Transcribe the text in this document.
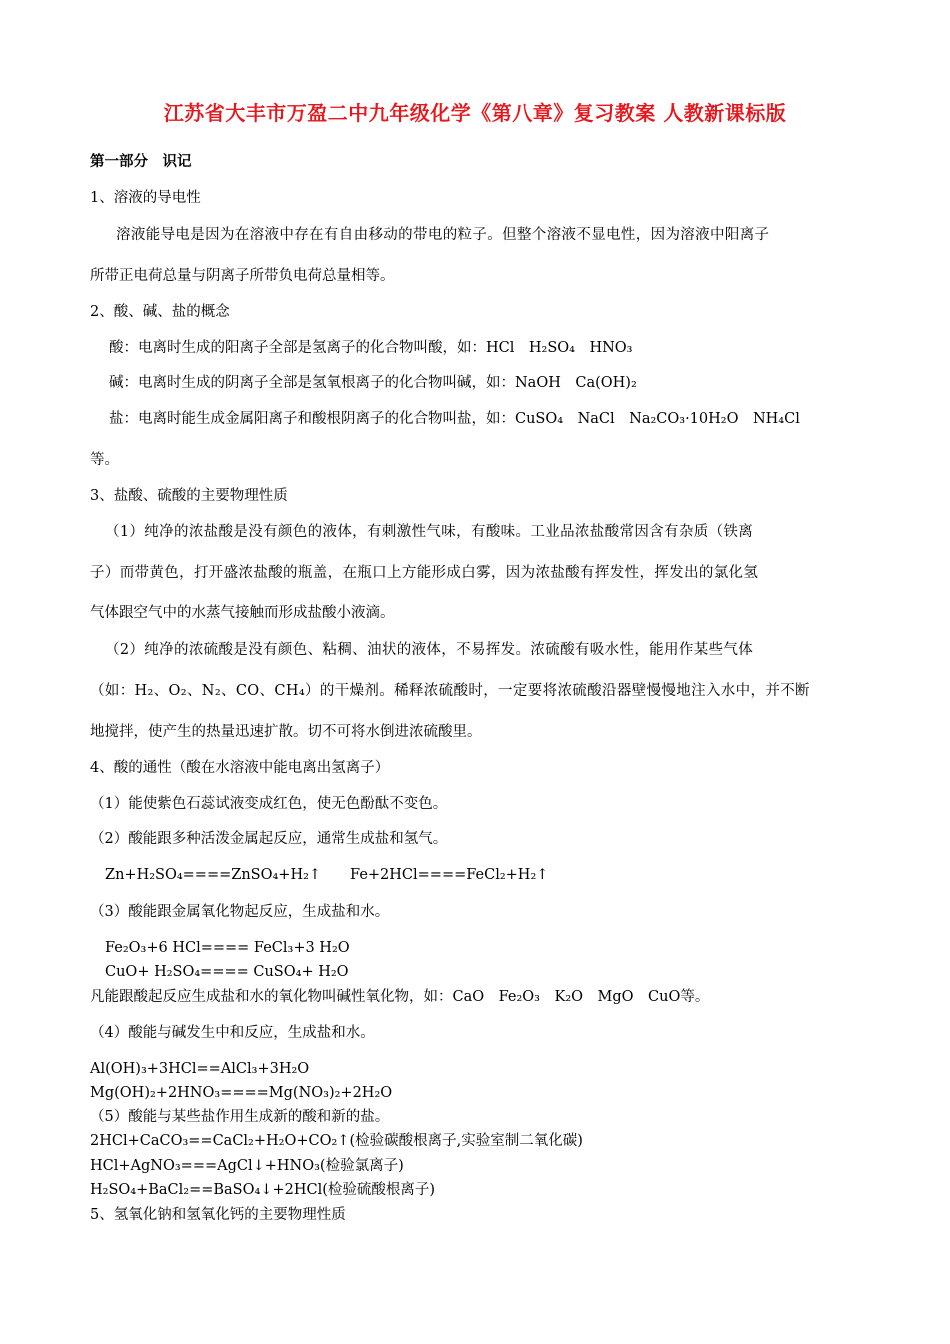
江苏省大丰市万盈二中九年级化学《第八章》复习教案 人教新课标版
第一部分　识记
1、溶液的导电性
溶液能导电是因为在溶液中存在有自由移动的带电的粒子。但整个溶液不显电性，因为溶液中阳离子
所带正电荷总量与阴离子所带负电荷总量相等。
2、酸、碱、盐的概念
酸：电离时生成的阳离子全部是氢离子的化合物叫酸，如：HCl　H₂SO₄　HNO₃
碱：电离时生成的阴离子全部是氢氧根离子的化合物叫碱，如：NaOH　Ca(OH)₂
盐：电离时能生成金属阳离子和酸根阴离子的化合物叫盐，如：CuSO₄　NaCl　Na₂CO₃·10H₂O　NH₄Cl
等。
3、盐酸、硫酸的主要物理性质
（1）纯净的浓盐酸是没有颜色的液体，有刺激性气味，有酸味。工业品浓盐酸常因含有杂质（铁离
子）而带黄色，打开盛浓盐酸的瓶盖，在瓶口上方能形成白雾，因为浓盐酸有挥发性，挥发出的氯化氢
气体跟空气中的水蒸气接触而形成盐酸小液滴。
（2）纯净的浓硫酸是没有颜色、粘稠、油状的液体，不易挥发。浓硫酸有吸水性，能用作某些气体
（如：H₂、O₂、N₂、CO、CH₄）的干燥剂。稀释浓硫酸时，一定要将浓硫酸沿器壁慢慢地注入水中，并不断
地搅拌，使产生的热量迅速扩散。切不可将水倒进浓硫酸里。
4、酸的通性（酸在水溶液中能电离出氢离子）
（1）能使紫色石蕊试液变成红色，使无色酚酞不变色。
（2）酸能跟多种活泼金属起反应，通常生成盐和氢气。
Zn+H₂SO₄====ZnSO₄+H₂↑　　Fe+2HCl====FeCl₂+H₂↑
（3）酸能跟金属氧化物起反应，生成盐和水。
Fe₂O₃+6 HCl==== FeCl₃+3 H₂O
CuO+ H₂SO₄==== CuSO₄+ H₂O
凡能跟酸起反应生成盐和水的氧化物叫碱性氧化物，如：CaO　Fe₂O₃　K₂O　MgO　CuO等。
（4）酸能与碱发生中和反应，生成盐和水。
Al(OH)₃+3HCl==AlCl₃+3H₂O
Mg(OH)₂+2HNO₃====Mg(NO₃)₂+2H₂O
（5）酸能与某些盐作用生成新的酸和新的盐。
2HCl+CaCO₃==CaCl₂+H₂O+CO₂↑(检验碳酸根离子,实验室制二氧化碳)
HCl+AgNO₃===AgCl↓+HNO₃(检验氯离子)
H₂SO₄+BaCl₂==BaSO₄↓+2HCl(检验硫酸根离子)
5、氢氧化钠和氢氧化钙的主要物理性质
